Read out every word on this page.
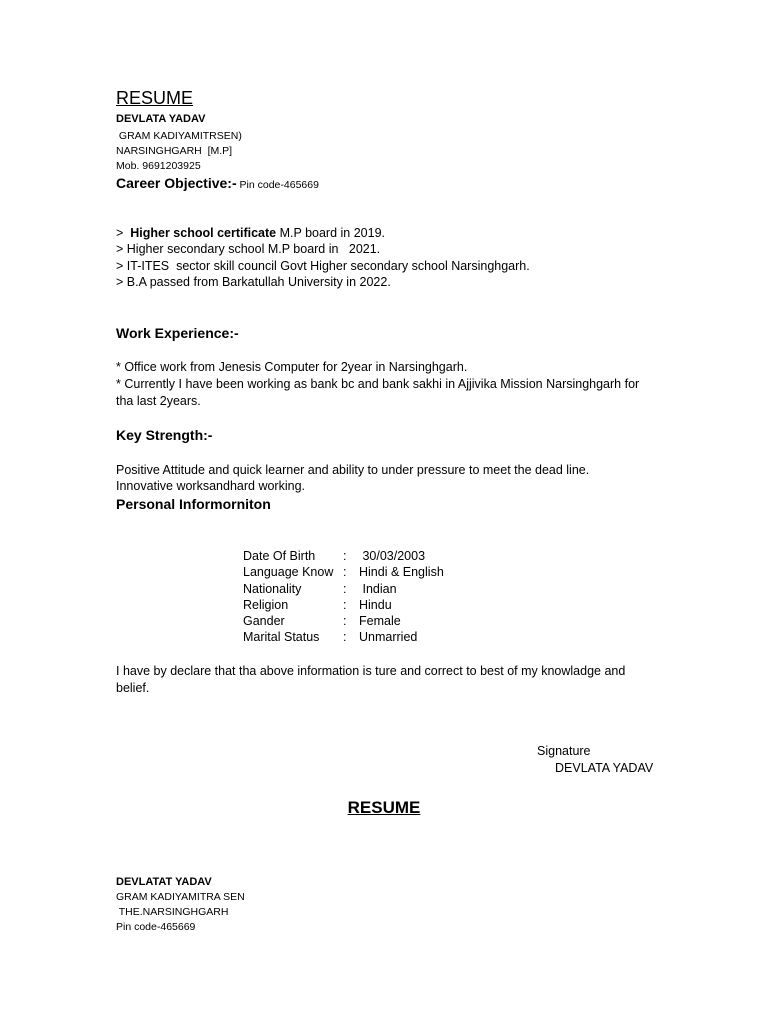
RESUME
DEVLATA YADAV
GRAM KADIYAMITRSEN)
NARSINGHGARH  [M.P]
Mob. 9691203925
Career Objective:- Pin code-465669
>  Higher school certificate M.P board in 2019.
> Higher secondary school M.P board in   2021.
> IT-ITES  sector skill council Govt Higher secondary school Narsinghgarh.
> B.A passed from Barkatullah University in 2022.
Work Experience:-
* Office work from Jenesis Computer for 2year in Narsinghgarh.
* Currently I have been working as bank bc and bank sakhi in Ajjivika Mission Narsinghgarh for tha last 2years.
Key Strength:-
Positive Attitude and quick learner and ability to under pressure to meet the dead line.
Innovative worksandhard working.
Personal Informorniton
Date Of Birth	:	30/03/2003
Language Know	:	Hindi & English
Nationality	:	Indian
Religion	:	Hindu
Gander	:	Female
Marital Status	:	Unmarried
I have by declare that tha above information is ture and correct to best of my knowladge and belief.
Signature
DEVLATA YADAV
RESUME
DEVLATAT YADAV
GRAM KADIYAMITRA SEN
THE.NARSINGHGARH
Pin code-465669
